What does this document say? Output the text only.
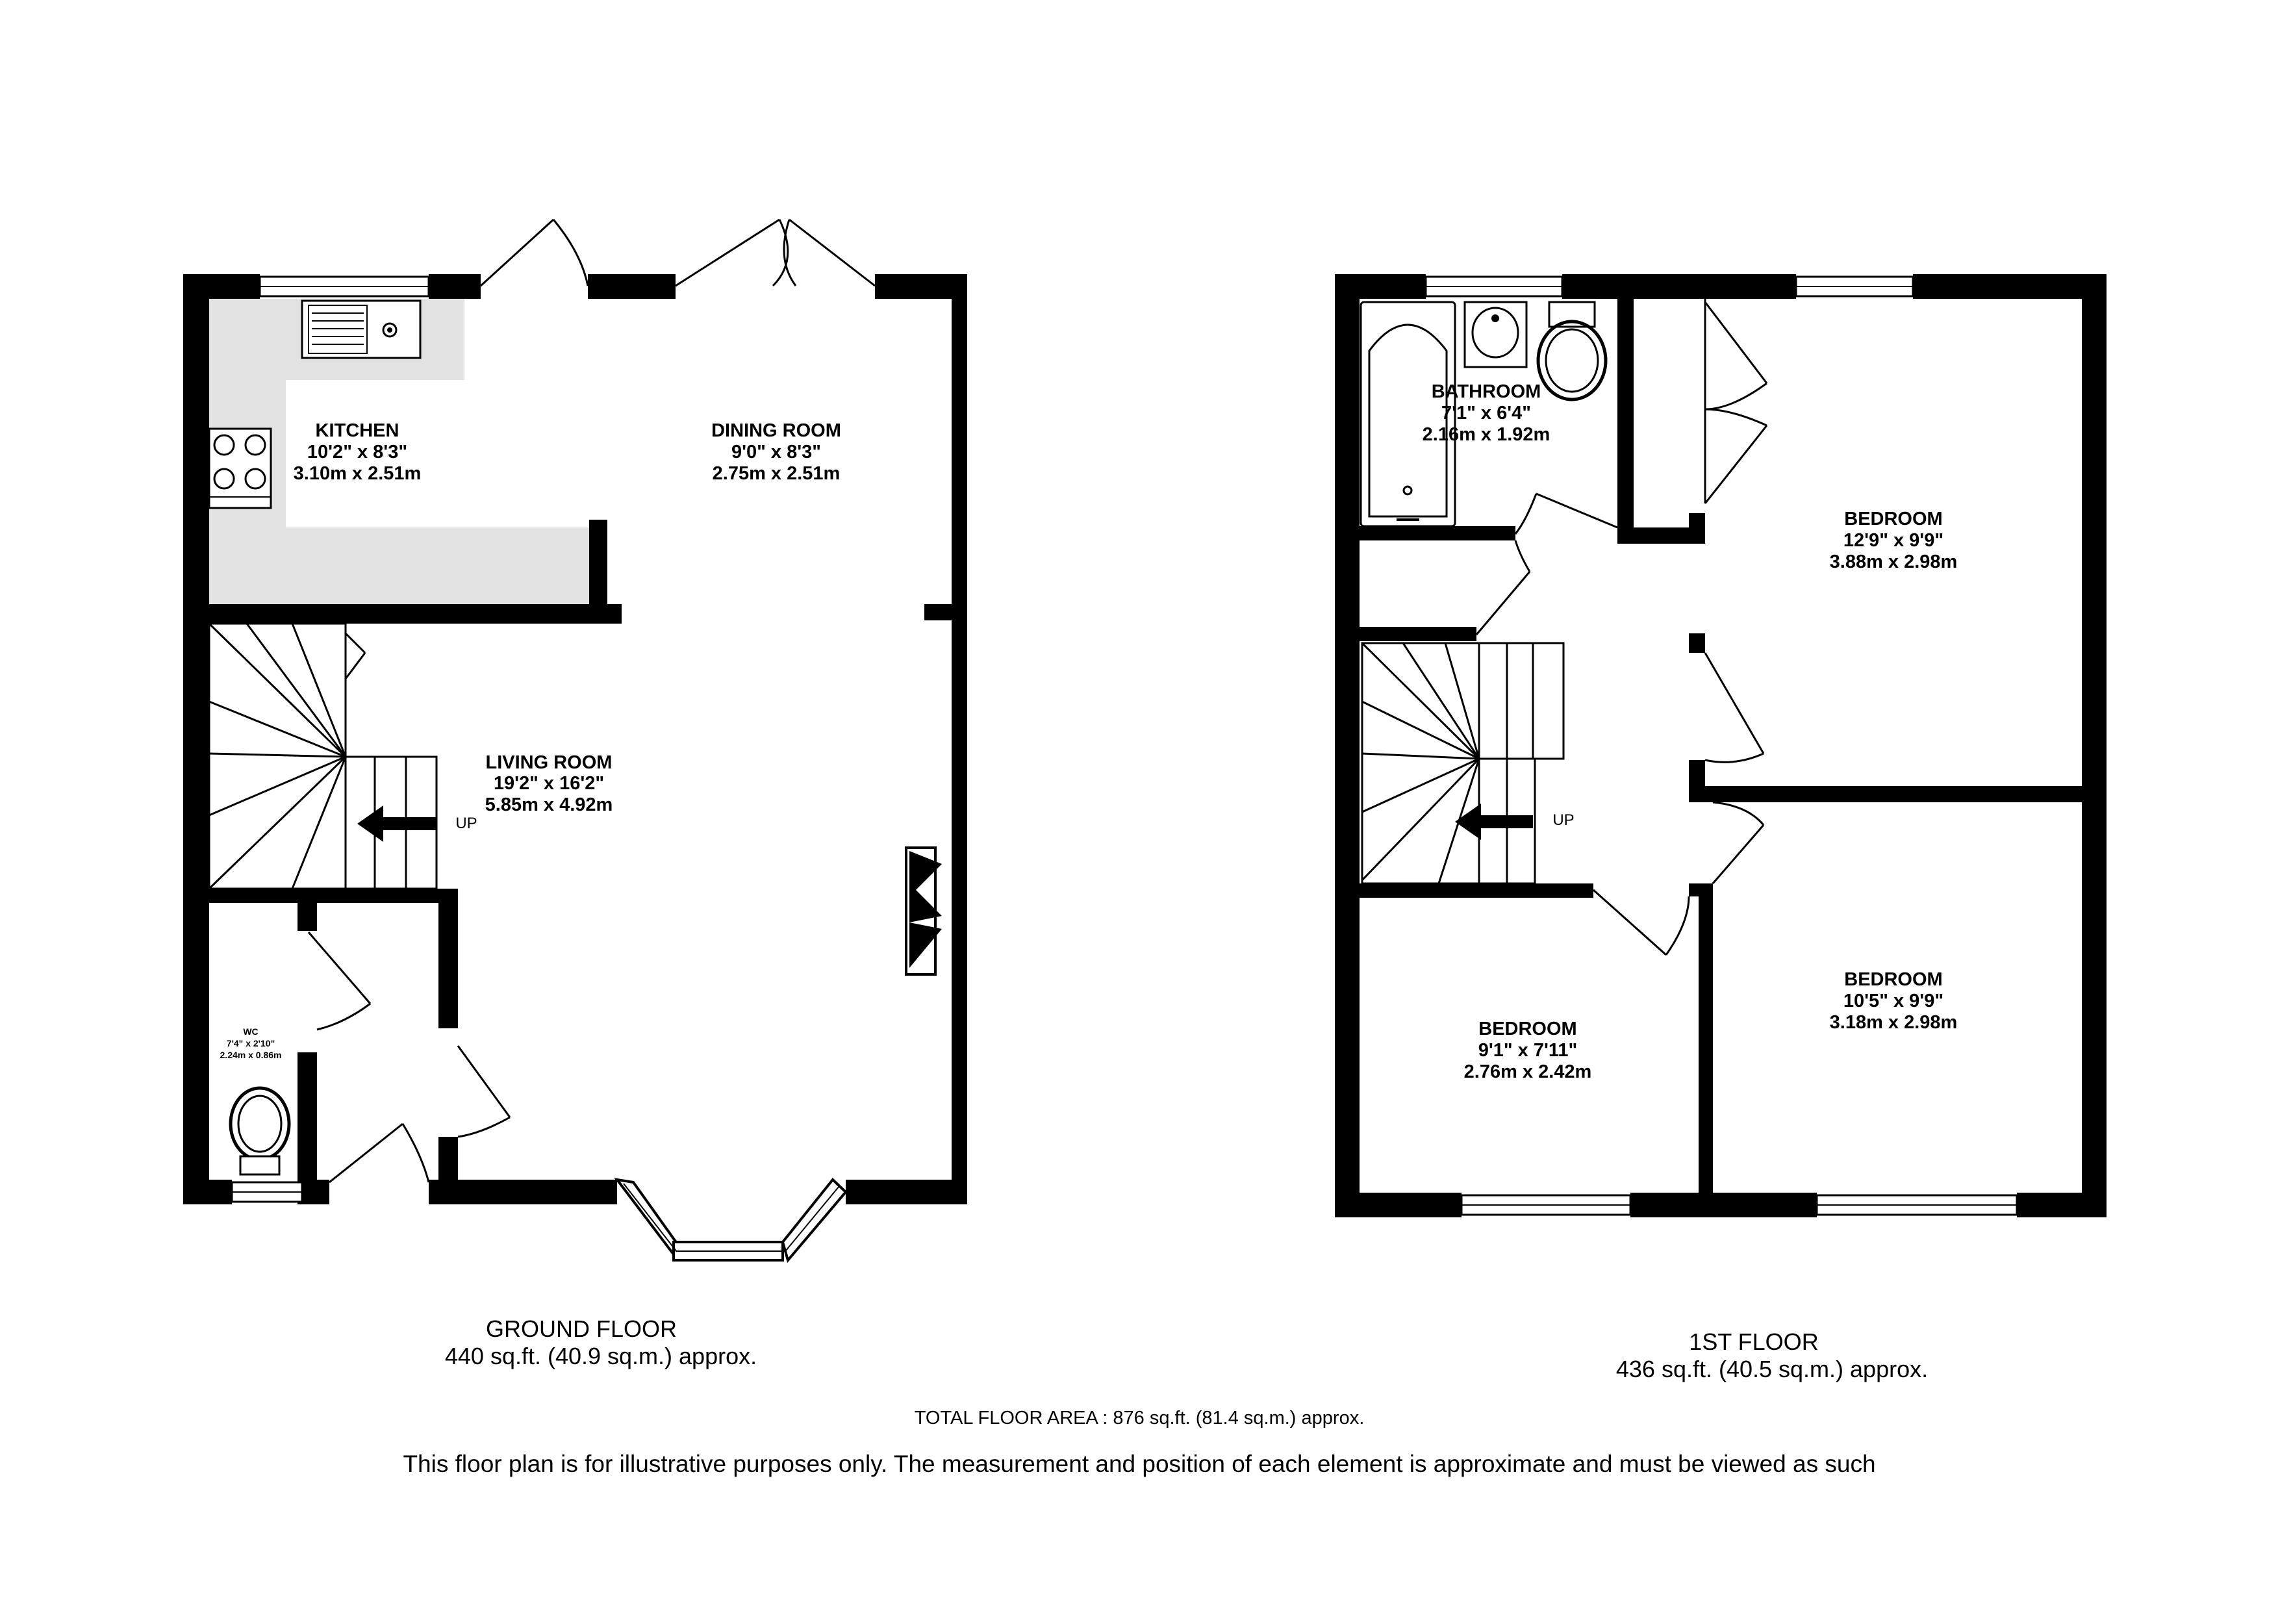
KITCHEN
10'2" x 8'3"
3.10m x 2.51m
DINING ROOM
9'0" x 8'3"
2.75m x 2.51m
LIVING ROOM
19'2" x 16'2"
5.85m x 4.92m
WC
7'4" x 2'10"
2.24m x 0.86m
UP
BATHROOM
7'1" x 6'4"
2.16m x 1.92m
BEDROOM
12'9" x 9'9"
3.88m x 2.98m
BEDROOM
10'5" x 9'9"
3.18m x 2.98m
BEDROOM
9'1" x 7'11"
2.76m x 2.42m
UP
GROUND FLOOR
440 sq.ft. (40.9 sq.m.) approx.
1ST FLOOR
436 sq.ft. (40.5 sq.m.) approx.
TOTAL FLOOR AREA : 876 sq.ft. (81.4 sq.m.) approx.
This floor plan is for illustrative purposes only. The measurement and position of each element is approximate and must be viewed as such
